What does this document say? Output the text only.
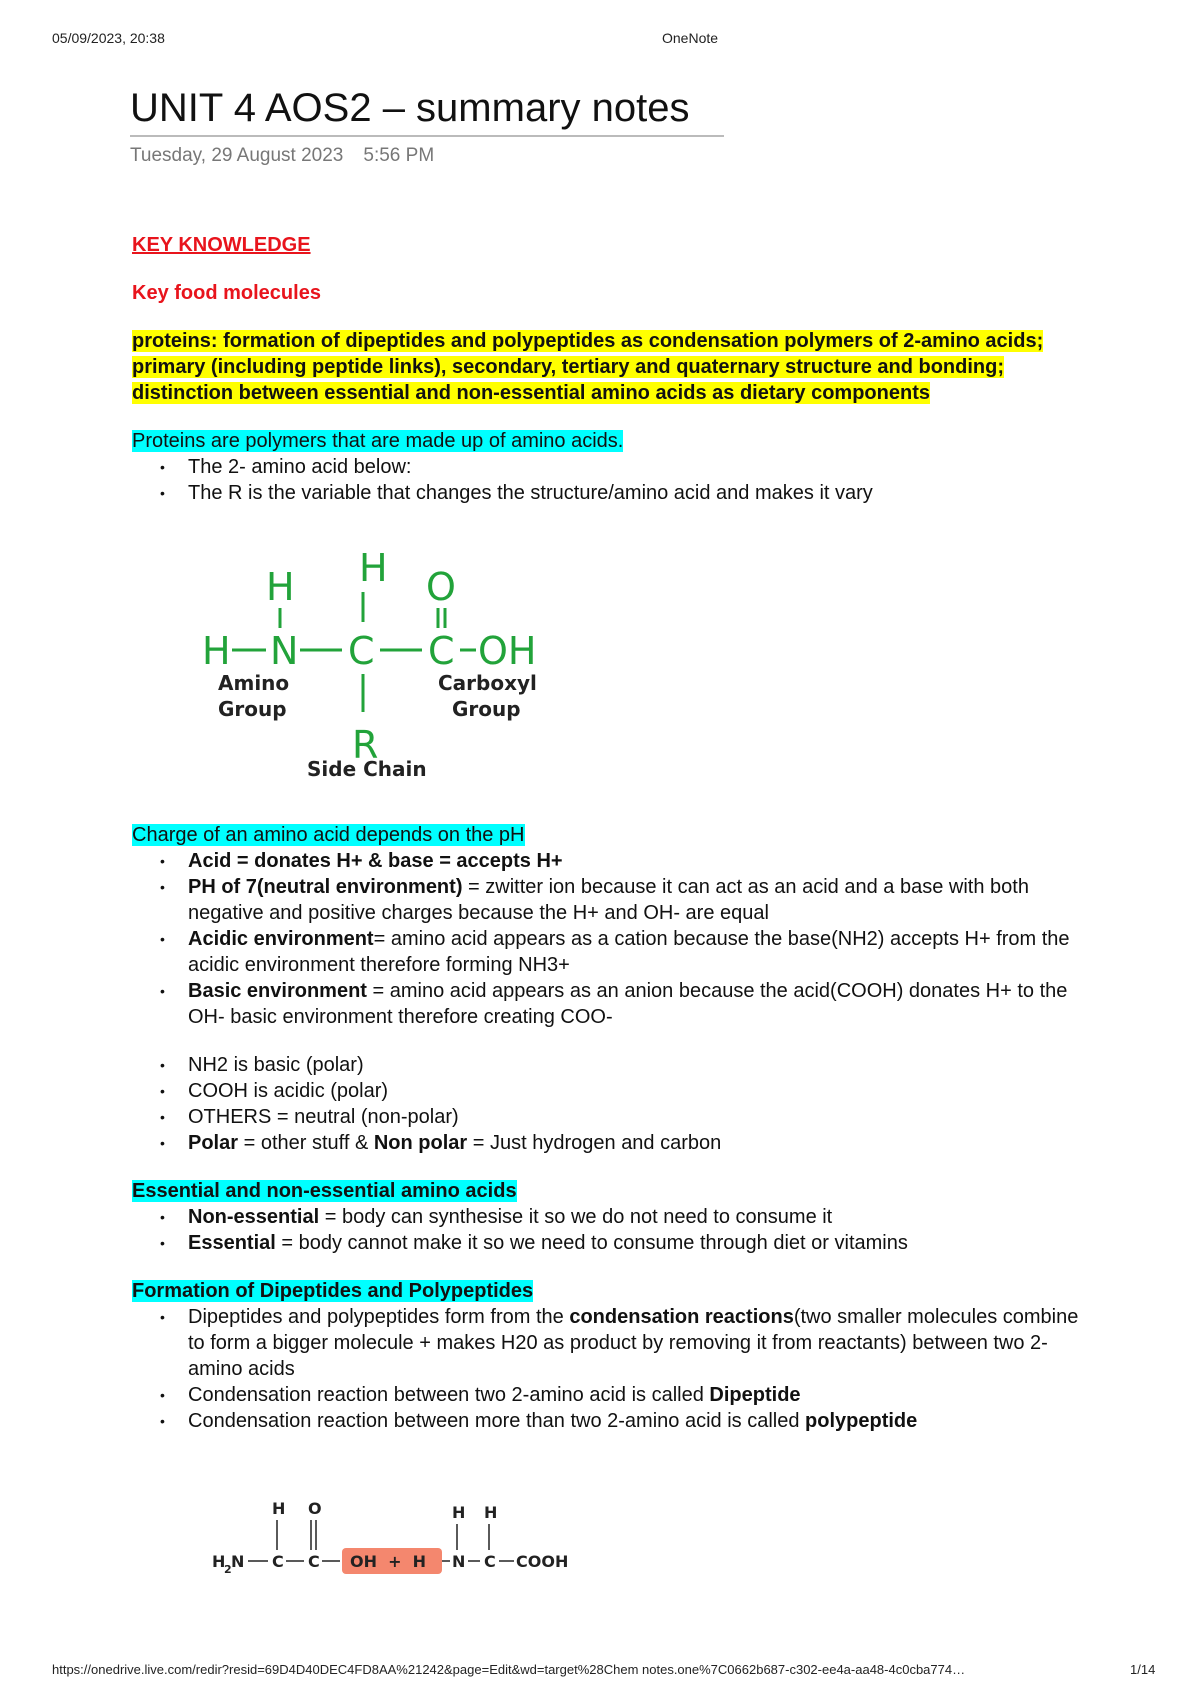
05/09/2023, 20:38	OneNote
UNIT 4 AOS2 – summary notes
Tuesday, 29 August 2023 5:56 PM

KEY KNOWLEDGE

Key food molecules

proteins: formation of dipeptides and polypeptides as condensation polymers of 2-amino acids; primary (including peptide links), secondary, tertiary and quaternary structure and bonding; distinction between essential and non-essential amino acids as dietary components

Proteins are polymers that are made up of amino acids.

• The 2- amino acid below:
• The R is the variable that changes the structure/amino acid and makes it vary
H
H
H N C C
O
OH
R
Amino
Group
Carboxyl
Group
Side Chain

Charge of an amino acid depends on the pH

• Acid = donates H+ & base = accepts H+
• PH of 7(neutral environment) = zwitter ion because it can act as an acid and a base with both negative and positive charges because the H+ and OH- are equal
• Acidic environment= amino acid appears as a cation because the base(NH2) accepts H+ from the acidic environment therefore forming NH3+
• Basic environment = amino acid appears as an anion because the acid(COOH) donates H+ to the OH- basic environment therefore creating COO-
• NH2 is basic (polar)
• COOH is acidic (polar)
• OTHERS = neutral (non-polar)
• Polar = other stuff & Non polar = Just hydrogen and carbon

Essential and non-essential amino acids

• Non-essential = body can synthesise it so we do not need to consume it
• Essential = body cannot make it so we need to consume through diet or vitamins

Formation of Dipeptides and Polypeptides

• Dipeptides and polypeptides form from the condensation reactions(two smaller molecules combine to form a bigger molecule + makes H20 as product by removing it from reactants) between two 2-amino acids
• Condensation reaction between two 2-amino acid is called Dipeptide
• Condensation reaction between more than two 2-amino acid is called polypeptide
H O	H H
H
2 N C C OH  +  H N C COOH
https://onedrive.live.com/redir?resid=69D4D40DEC4FD8AA%21242&page=Edit&wd=target%28Chem notes.one%7C0662b687-c302-ee4a-aa48-4c0cba774…	1/14
